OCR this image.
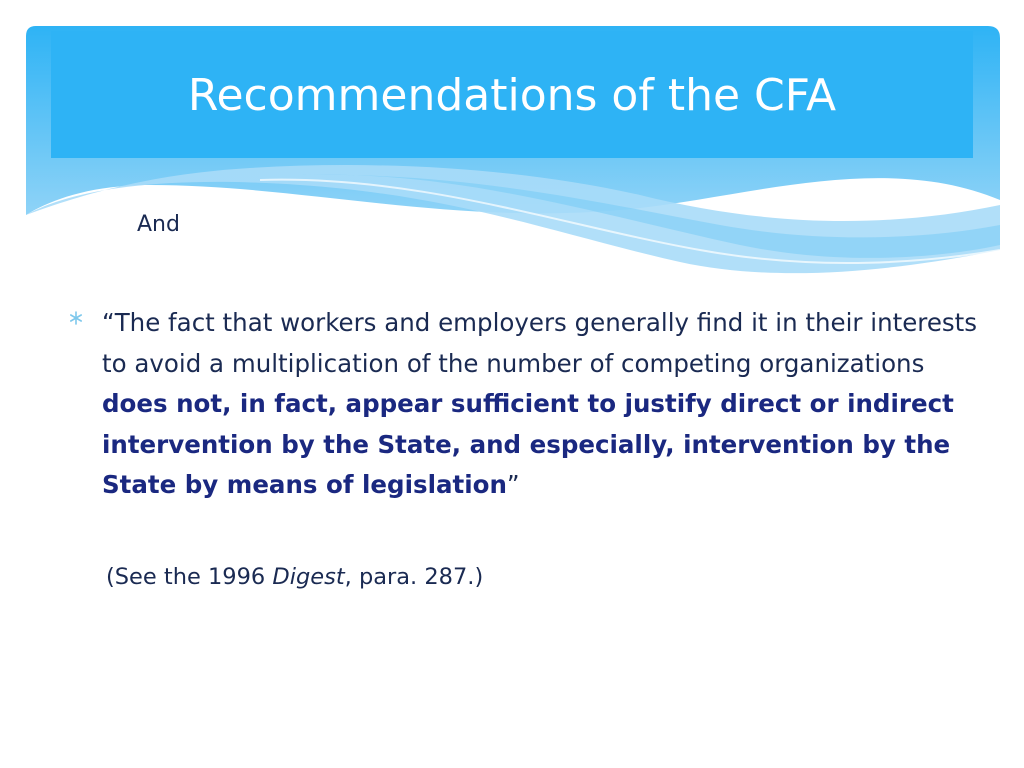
Recommendations of the CFA

And

“The fact that workers and employers generally find it in their interests to avoid a multiplication of the number of competing organizations does not, in fact, appear sufficient to justify direct or indirect intervention by the State, and especially, intervention by the State by means of legislation”

(See the 1996 Digest, para. 287.)
